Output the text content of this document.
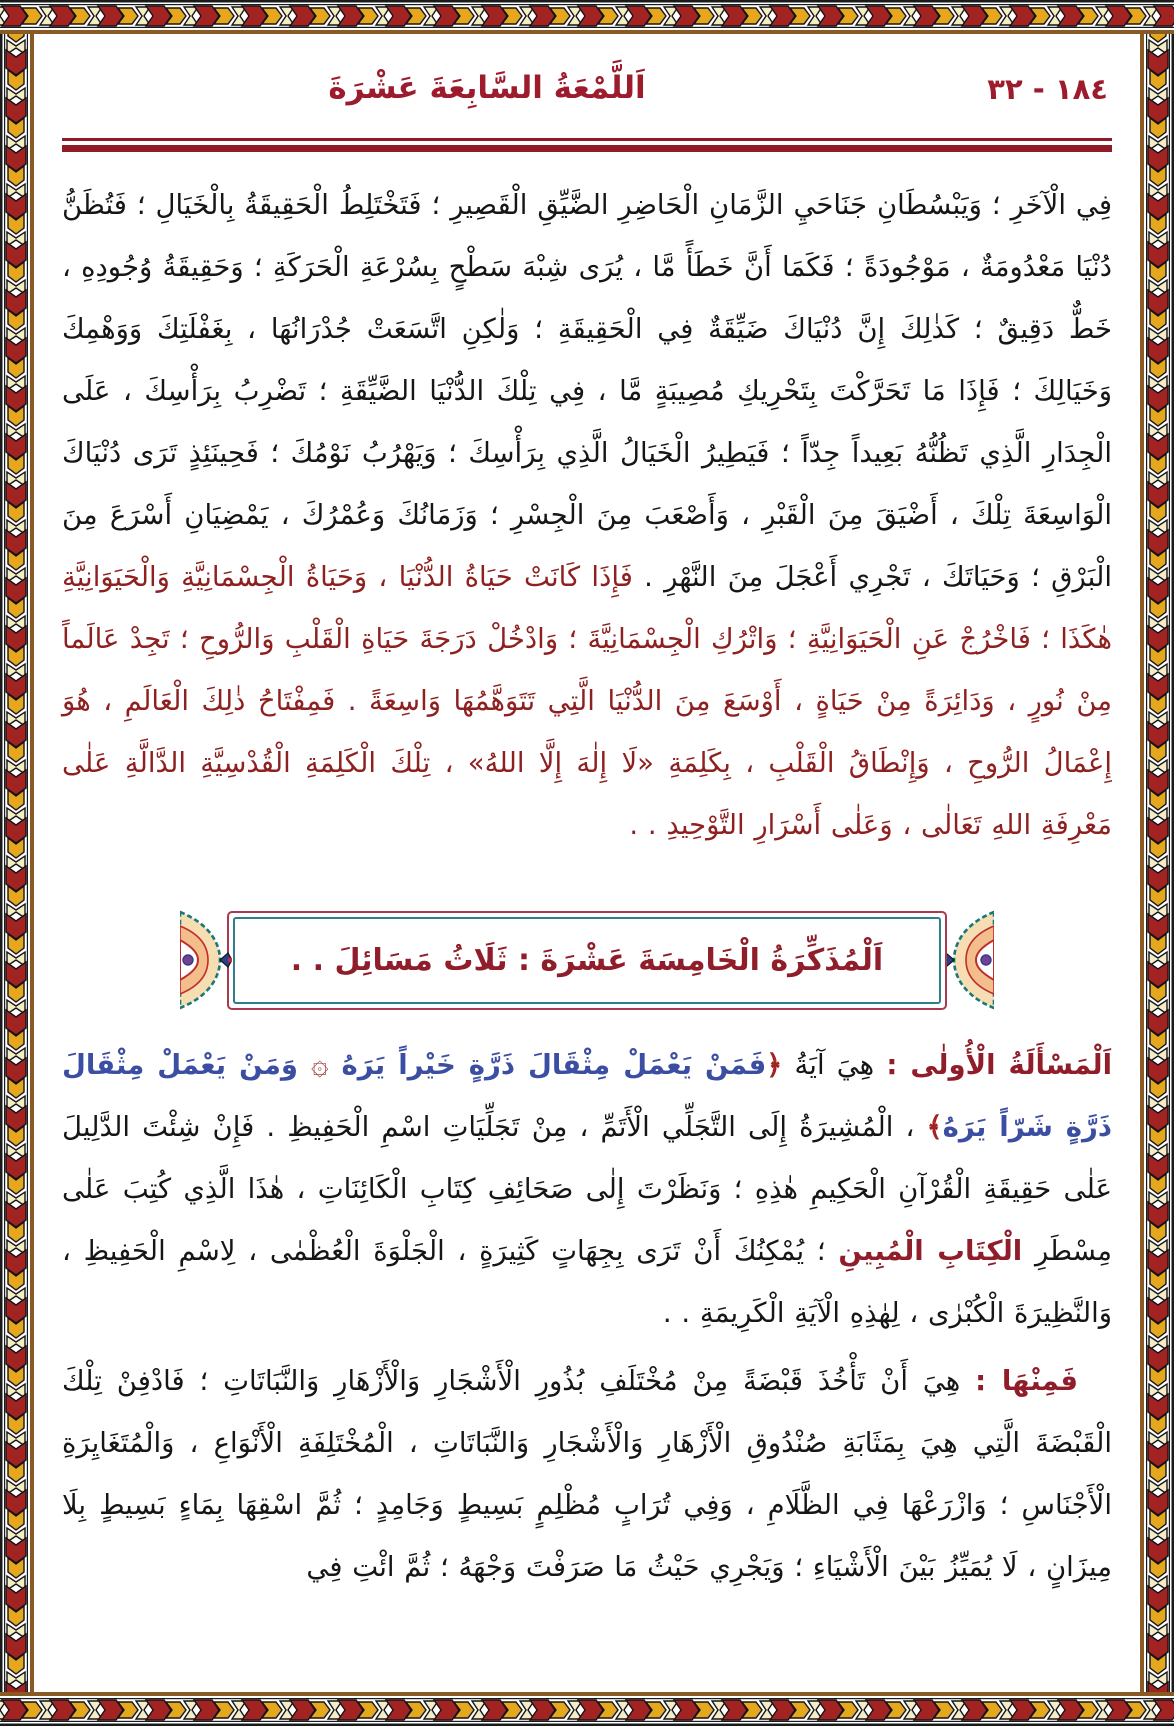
اَللَّمْعَةُ السَّابِعَةَ عَشْرَةَ	١٨٤ - ٣٢

فِي الْآخَرِ ؛ وَيَبْسُطَانِ جَنَاحَيِ الزَّمَانِ الْحَاضِرِ الضَّيِّقِ الْقَصِيرِ ؛ فَتَخْتَلِطُ الْحَقِيقَةُ بِالْخَيَالِ ؛ فَتُظَنُّ دُنْيَا مَعْدُومَةٌ ، مَوْجُودَةً ؛ فَكَمَا أَنَّ خَطَأً مَّا ، يُرَى شِبْهَ سَطْحٍ بِسُرْعَةِ الْحَرَكَةِ ؛ وَحَقِيقَةُ وُجُودِهِ ، خَطٌّ دَقِيقٌ ؛ كَذٰلِكَ إِنَّ دُنْيَاكَ ضَيِّقَةٌ فِي الْحَقِيقَةِ ؛ وَلٰكِنِ اتَّسَعَتْ جُدْرَانُهَا ، بِغَفْلَتِكَ وَوَهْمِكَ وَخَيَالِكَ ؛ فَإِذَا مَا تَحَرَّكْتَ بِتَحْرِيكِ مُصِيبَةٍ مَّا ، فِي تِلْكَ الدُّنْيَا الضَّيِّقَةِ ؛ تَضْرِبُ بِرَأْسِكَ ، عَلَى الْجِدَارِ الَّذِي تَظُنُّهُ بَعِيداً جِدّاً ؛ فَيَطِيرُ الْخَيَالُ الَّذِي بِرَأْسِكَ ؛ وَيَهْرُبُ نَوْمُكَ ؛ فَحِينَئِذٍ تَرَى دُنْيَاكَ الْوَاسِعَةَ تِلْكَ ، أَضْيَقَ مِنَ الْقَبْرِ ، وَأَصْعَبَ مِنَ الْجِسْرِ ؛ وَزَمَانُكَ وَعُمْرُكَ ، يَمْضِيَانِ أَسْرَعَ مِنَ الْبَرْقِ ؛ وَحَيَاتَكَ ، تَجْرِي أَعْجَلَ مِنَ النَّهْرِ . فَإِذَا كَانَتْ حَيَاةُ الدُّنْيَا ، وَحَيَاةُ الْجِسْمَانِيَّةِ وَالْحَيَوَانِيَّةِ هٰكَذَا ؛ فَاخْرُجْ عَنِ الْحَيَوَانِيَّةِ ؛ وَاتْرُكِ الْجِسْمَانِيَّةَ ؛ وَادْخُلْ دَرَجَةَ حَيَاةِ الْقَلْبِ وَالرُّوحِ ؛ تَجِدْ عَالَماً مِنْ نُورٍ ، وَدَائِرَةً مِنْ حَيَاةٍ ، أَوْسَعَ مِنَ الدُّنْيَا الَّتِي تَتَوَهَّمُهَا وَاسِعَةً . فَمِفْتَاحُ ذٰلِكَ الْعَالَمِ ، هُوَ إِعْمَالُ الرُّوحِ ، وَإِنْطَاقُ الْقَلْبِ ، بِكَلِمَةِ «لَا إِلٰهَ إِلَّا اللهُ» ، تِلْكَ الْكَلِمَةِ الْقُدْسِيَّةِ الدَّالَّةِ عَلٰى مَعْرِفَةِ اللهِ تَعَالٰى ، وَعَلٰى أَسْرَارِ التَّوْحِيدِ . .

اَلْمُذَكِّرَةُ الْخَامِسَةَ عَشْرَةَ : ثَلَاثُ مَسَائِلَ . .

اَلْمَسْأَلَةُ الْأُولٰى : هِيَ آيَةُ ﴿فَمَنْ يَعْمَلْ مِثْقَالَ ذَرَّةٍ خَيْراً يَرَهُ ۞ وَمَنْ يَعْمَلْ مِثْقَالَ ذَرَّةٍ شَرّاً يَرَهُ﴾ ، الْمُشِيرَةُ إِلَى التَّجَلِّي الْأَتَمِّ ، مِنْ تَجَلِّيَاتِ اسْمِ الْحَفِيظِ . فَإِنْ شِئْتَ الدَّلِيلَ عَلٰى حَقِيقَةِ الْقُرْآنِ الْحَكِيمِ هٰذِهِ ؛ وَنَظَرْتَ إِلٰى صَحَائِفِ كِتَابِ الْكَائِنَاتِ ، هٰذَا الَّذِي كُتِبَ عَلٰى مِسْطَرِ الْكِتَابِ الْمُبِينِ ؛ يُمْكِنُكَ أَنْ تَرَى بِجِهَاتٍ كَثِيرَةٍ ، الْجَلْوَةَ الْعُظْمٰى ، لِاسْمِ الْحَفِيظِ ، وَالنَّظِيرَةَ الْكُبْرٰى ، لِهٰذِهِ الْآيَةِ الْكَرِيمَةِ . .

فَمِنْهَا : هِيَ أَنْ تَأْخُذَ قَبْضَةً مِنْ مُخْتَلَفِ بُذُورِ الْأَشْجَارِ وَالْأَزْهَارِ وَالنَّبَاتَاتِ ؛ فَادْفِنْ تِلْكَ الْقَبْضَةَ الَّتِي هِيَ بِمَثَابَةِ صُنْدُوقِ الْأَزْهَارِ وَالْأَشْجَارِ وَالنَّبَاتَاتِ ، الْمُخْتَلِفَةِ الْأَنْوَاعِ ، وَالْمُتَغَايِرَةِ الْأَجْنَاسِ ؛ وَازْرَعْهَا فِي الظَّلَامِ ، وَفِي تُرَابٍ مُظْلِمٍ بَسِيطٍ وَجَامِدٍ ؛ ثُمَّ اسْقِهَا بِمَاءٍ بَسِيطٍ بِلَا مِيزَانٍ ، لَا يُمَيِّزُ بَيْنَ الْأَشْيَاءِ ؛ وَيَجْرِي حَيْثُ مَا صَرَفْتَ وَجْهَهُ ؛ ثُمَّ ائْتِ فِي
